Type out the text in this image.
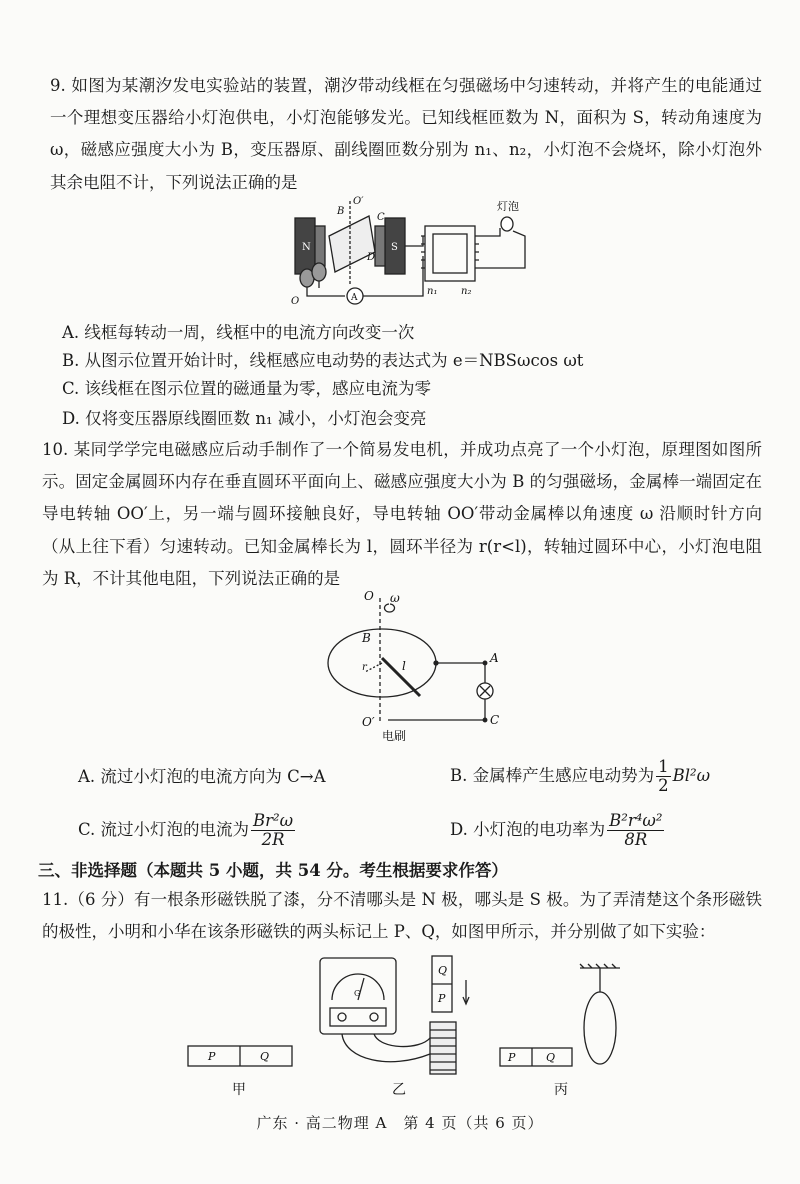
9. 如图为某潮汐发电实验站的装置，潮汐带动线框在匀强磁场中匀速转动，并将产生的电能通过一个理想变压器给小灯泡供电，小灯泡能够发光。已知线框匝数为 N，面积为 S，转动角速度为 ω，磁感应强度大小为 B，变压器原、副线圈匝数分别为 n₁、n₂，小灯泡不会烧坏，除小灯泡外其余电阻不计，下列说法正确的是
N	S
B
C
D
O′
O	A
n₁ n₂
灯泡
A. 线框每转动一周，线框中的电流方向改变一次
B. 从图示位置开始计时，线框感应电动势的表达式为 e＝NBSωcos ωt
C. 该线框在图示位置的磁通量为零，感应电流为零
D. 仅将变压器原线圈匝数 n₁ 减小，小灯泡会变亮
10. 某同学学完电磁感应后动手制作了一个简易发电机，并成功点亮了一个小灯泡，原理图如图所示。固定金属圆环内存在垂直圆环平面向上、磁感应强度大小为 B 的匀强磁场，金属棒一端固定在导电转轴 OO′上，另一端与圆环接触良好，导电转轴 OO′带动金属棒以角速度 ω 沿顺时针方向（从上往下看）匀速转动。已知金属棒长为 l，圆环半径为 r(r<l)，转轴过圆环中心，小灯泡电阻为 R，不计其他电阻，下列说法正确的是
O ω
B
r	l
A
C
O′
电刷
A. 流过小灯泡的电流方向为 C→A	B. 金属棒产生感应电动势为 $\frac{1}{2} Bl^2\omega$
C. 流过小灯泡的电流为 $\frac{\text{Br²ω}}{2R}$	D. 小灯泡的电功率为 $\frac{\text{B²r⁴ω²}}{8R}$
三、非选择题（本题共 5 小题，共 54 分。考生根据要求作答）
11.（6 分）有一根条形磁铁脱了漆，分不清哪头是 N 极，哪头是 S 极。为了弄清楚这个条形磁铁的极性，小明和小华在该条形磁铁的两头标记上 P、Q，如图甲所示，并分别做了如下实验：
P	Q
Q
P
P	Q
G
甲	乙	丙
广东 · 高二物理 A　第 4 页（共 6 页）
